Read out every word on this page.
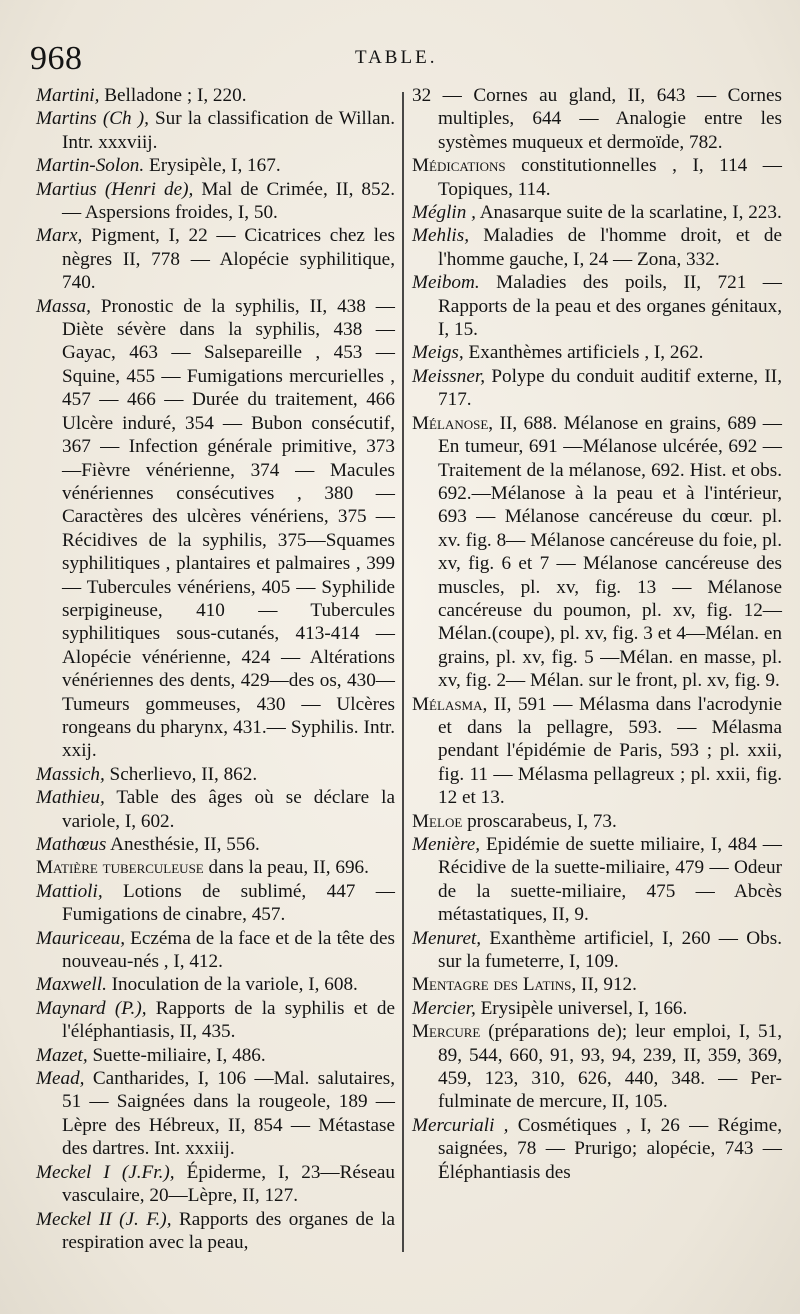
968	TABLE.

Martini, Belladone ; I, 220.

Martins (Ch ), Sur la classification de Willan. Intr. xxxviij.

Martin-Solon. Erysipèle, I, 167.

Martius (Henri de), Mal de Crimée, II, 852. — Aspersions froides, I, 50.

Marx, Pigment, I, 22 — Cicatrices chez les nègres II, 778 — Alopécie syphilitique, 740.

Massa, Pronostic de la syphilis, II, 438 — Diète sévère dans la syphilis, 438 — Gayac, 463 — Salsepareille , 453 — Squine, 455 — Fumigations mercurielles , 457 — 466 — Durée du traitement, 466 Ulcère induré, 354 — Bubon consécutif, 367 — Infection générale primitive, 373 —Fièvre vénérienne, 374 — Macules vénériennes consécutives , 380 — Caractères des ulcères vénériens, 375 — Récidives de la syphilis, 375—Squames syphilitiques , plantaires et palmaires , 399 — Tubercules vénériens, 405 — Syphilide serpigineuse, 410 — Tubercules syphilitiques sous-cutanés, 413-414 — Alopécie vénérienne, 424 — Altérations vénériennes des dents, 429—des os, 430— Tumeurs gommeuses, 430 — Ulcères rongeans du pharynx, 431.— Syphilis. Intr. xxij.

Massich, Scherlievo, II, 862.

Mathieu, Table des âges où se déclare la variole, I, 602.

Mathœus Anesthésie, II, 556.

Matière tuberculeuse dans la peau, II, 696.

Mattioli, Lotions de sublimé, 447 — Fumigations de cinabre, 457.

Mauriceau, Eczéma de la face et de la tête des nouveau-nés , I, 412.

Maxwell. Inoculation de la variole, I, 608.

Maynard (P.), Rapports de la syphilis et de l'éléphantiasis, II, 435.

Mazet, Suette-miliaire, I, 486.

Mead, Cantharides, I, 106 —Mal. salutaires, 51 — Saignées dans la rougeole, 189 — Lèpre des Hébreux, II, 854 — Métastase des dartres. Int. xxxiij.

Meckel I (J.Fr.), Épiderme, I, 23—Réseau vasculaire, 20—Lèpre, II, 127.

Meckel II (J. F.), Rapports des organes de la respiration avec la peau,

32 — Cornes au gland, II, 643 — Cornes multiples, 644 — Analogie entre les systèmes muqueux et dermoïde, 782.

Médications constitutionnelles , I, 114 — Topiques, 114.

Méglin , Anasarque suite de la scarlatine, I, 223.

Mehlis, Maladies de l'homme droit, et de l'homme gauche, I, 24 — Zona, 332.

Meibom. Maladies des poils, II, 721 — Rapports de la peau et des organes génitaux, I, 15.

Meigs, Exanthèmes artificiels , I, 262.

Meissner, Polype du conduit auditif externe, II, 717.

Mélanose, II, 688. Mélanose en grains, 689 — En tumeur, 691 —Mélanose ulcérée, 692 — Traitement de la mélanose, 692. Hist. et obs. 692.—Mélanose à la peau et à l'intérieur, 693 — Mélanose cancéreuse du cœur. pl. xv. fig. 8— Mélanose cancéreuse du foie, pl. xv, fig. 6 et 7 — Mélanose cancéreuse des muscles, pl. xv, fig. 13 — Mélanose cancéreuse du poumon, pl. xv, fig. 12—Mélan.(coupe), pl. xv, fig. 3 et 4—Mélan. en grains, pl. xv, fig. 5 —Mélan. en masse, pl. xv, fig. 2— Mélan. sur le front, pl. xv, fig. 9.

Mélasma, II, 591 — Mélasma dans l'acrodynie et dans la pellagre, 593. — Mélasma pendant l'épidémie de Paris, 593 ; pl. xxii, fig. 11 — Mélasma pellagreux ; pl. xxii, fig. 12 et 13.

Meloe proscarabeus, I, 73.

Menière, Epidémie de suette miliaire, I, 484 — Récidive de la suette-miliaire, 479 — Odeur de la suette-miliaire, 475 — Abcès métastatiques, II, 9.

Menuret, Exanthème artificiel, I, 260 — Obs. sur la fumeterre, I, 109.

Mentagre des Latins, II, 912.

Mercier, Erysipèle universel, I, 166.

Mercure (préparations de); leur emploi, I, 51, 89, 544, 660, 91, 93, 94, 239, II, 359, 369, 459, 123, 310, 626, 440, 348. — Per-fulminate de mercure, II, 105.

Mercuriali , Cosmétiques , I, 26 — Régime, saignées, 78 — Prurigo; alopécie, 743 — Éléphantiasis des
